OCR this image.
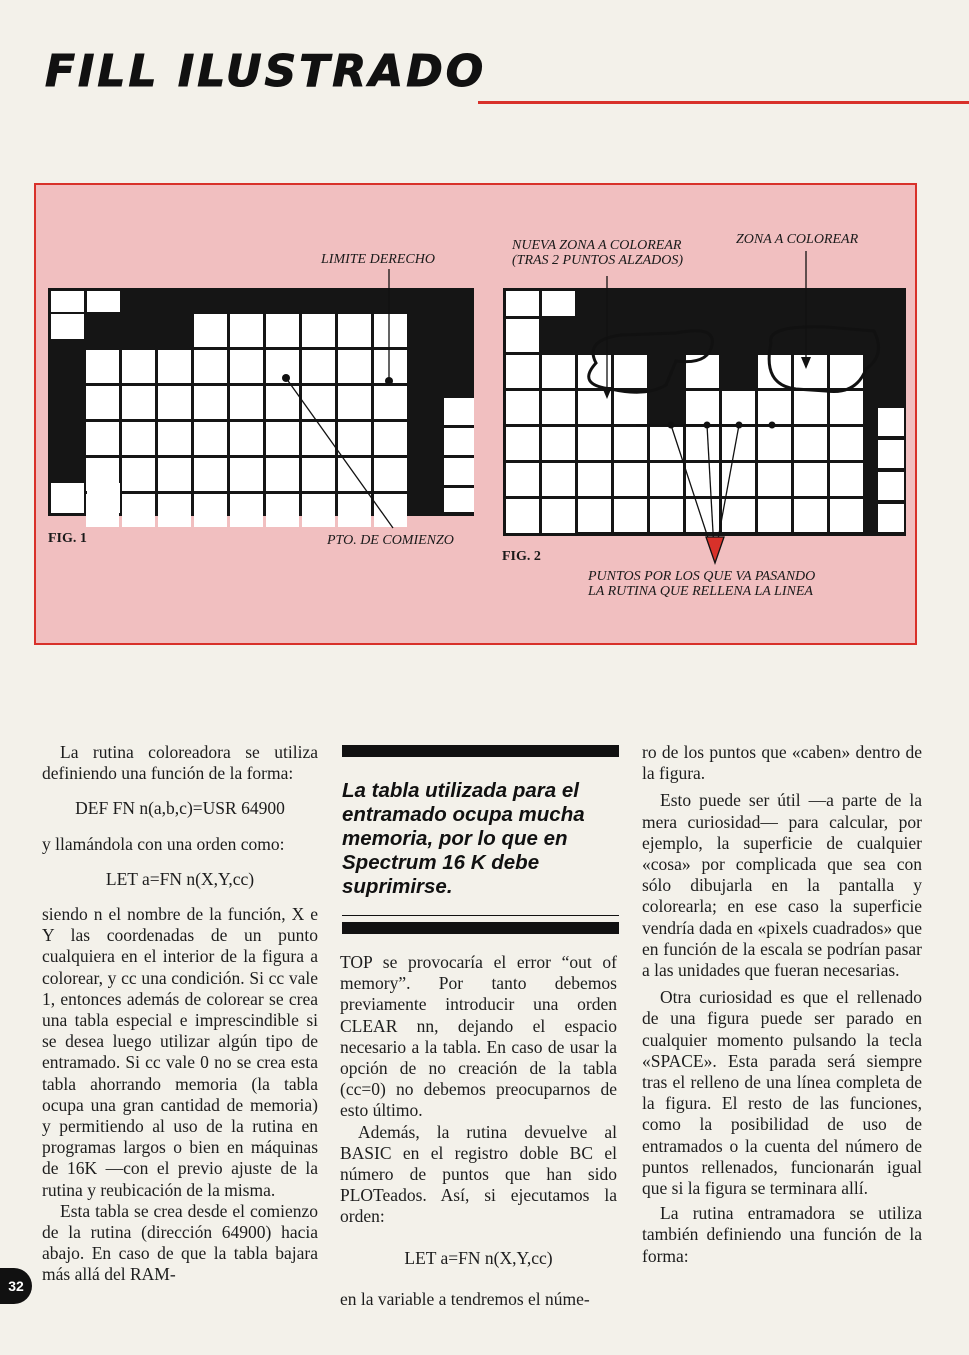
FILL ILUSTRADO
LIMITE DERECHO
NUEVA ZONA A COLOREAR
(TRAS 2 PUNTOS ALZADOS)
ZONA A COLOREAR
FIG. 1	PTO. DE COMIENZO
FIG. 2
PUNTOS POR LOS QUE VA PASANDO
LA RUTINA QUE RELLENA LA LINEA

La rutina coloreadora se utiliza definiendo una función de la forma:

DEF FN n(a,b,c)=USR 64900

y llamándola con una orden como:

LET a=FN n(X,Y,cc)

siendo n el nombre de la función, X e Y las coordenadas de un punto cualquiera en el interior de la figura a colorear, y cc una condición. Si cc vale 1, entonces además de colorear se crea una tabla especial e imprescindible si se desea luego utilizar algún tipo de entramado. Si cc vale 0 no se crea esta tabla ahorrando memoria (la tabla ocupa una gran cantidad de memoria) y permitiendo al uso de la rutina en programas largos o bien en máquinas de 16K —con el previo ajuste de la rutina y reubicación de la misma.

Esta tabla se crea desde el comienzo de la rutina (dirección 64900) hacia abajo. En caso de que la tabla bajara más allá del RAM-

La tabla utilizada para el entramado ocupa mucha memoria, por lo que en Spectrum 16 K debe suprimirse.

TOP se provocaría el error “out of memory”. Por tanto debemos previamente introducir una orden CLEAR nn, dejando el espacio necesario a la tabla. En caso de usar la opción de no creación de la tabla (cc=0) no debemos preocuparnos de esto último.

Además, la rutina devuelve al BASIC en el registro doble BC el número de puntos que han sido PLOTeados. Así, si ejecutamos la orden:

LET a=FN n(X,Y,cc)

en la variable a tendremos el núme-

ro de los puntos que «caben» dentro de la figura.

Esto puede ser útil —a parte de la mera curiosidad— para calcular, por ejemplo, la superficie de cualquier «cosa» por complicada que sea con sólo dibujarla en la pantalla y colorearla; en ese caso la superficie vendría dada en «pixels cuadrados» que en función de la escala se podrían pasar a las unidades que fueran necesarias.

Otra curiosidad es que el rellenado de una figura puede ser parado en cualquier momento pulsando la tecla «SPACE». Esta parada será siempre tras el relleno de una línea completa de la figura. El resto de las funciones, como la posibilidad de uso de entramados o la cuenta del número de puntos rellenados, funcionarán igual que si la figura se terminara allí.

La rutina entramadora se utiliza también definiendo una función de la forma:

32
